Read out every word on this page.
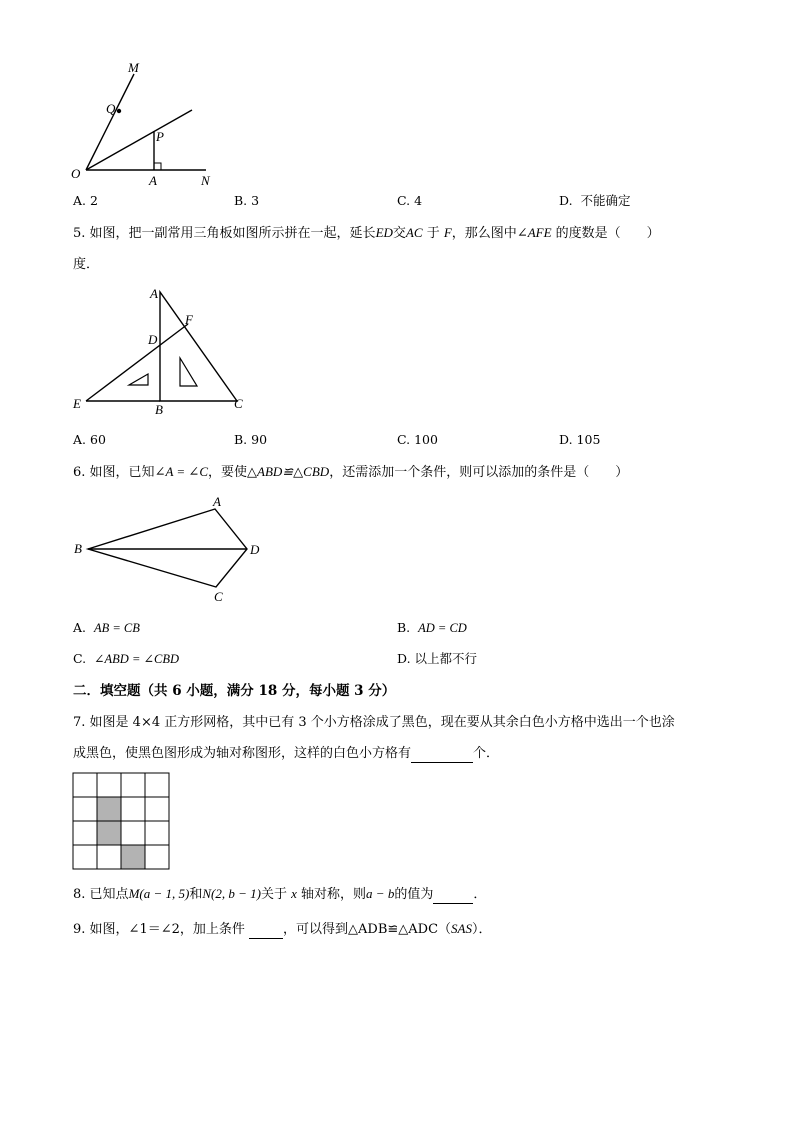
M
Q
P
O	A	N
A. 2	B. 3	C. 4	D. 不能确定
5. 如图，把一副常用三角板如图所示拼在一起，延长ED交AC 于 F，那么图中∠AFE 的度数是（　　）
度．
A
F
D
E	B	C
A. 60	B. 90	C. 100	D. 105
6. 如图，已知∠A = ∠C，要使△ABD≌△CBD，还需添加一个条件，则可以添加的条件是（　　）
A
B	D
C
A. AB = CB	B. AD = CD
C. ∠ABD = ∠CBD	D. 以上都不行
二．填空题（共 6 小题，满分 18 分，每小题 3 分）
7. 如图是 4×4 正方形网格，其中已有 3 个小方格涂成了黑色，现在要从其余白色小方格中选出一个也涂
成黑色，使黑色图形成为轴对称图形，这样的白色小方格有	个．
8. 已知点M(a − 1, 5)和N(2, b − 1)关于 x 轴对称，则a − b的值为	．
9. 如图，∠1＝∠2，加上条件	，可以得到△ADB≌△ADC（SAS）．
